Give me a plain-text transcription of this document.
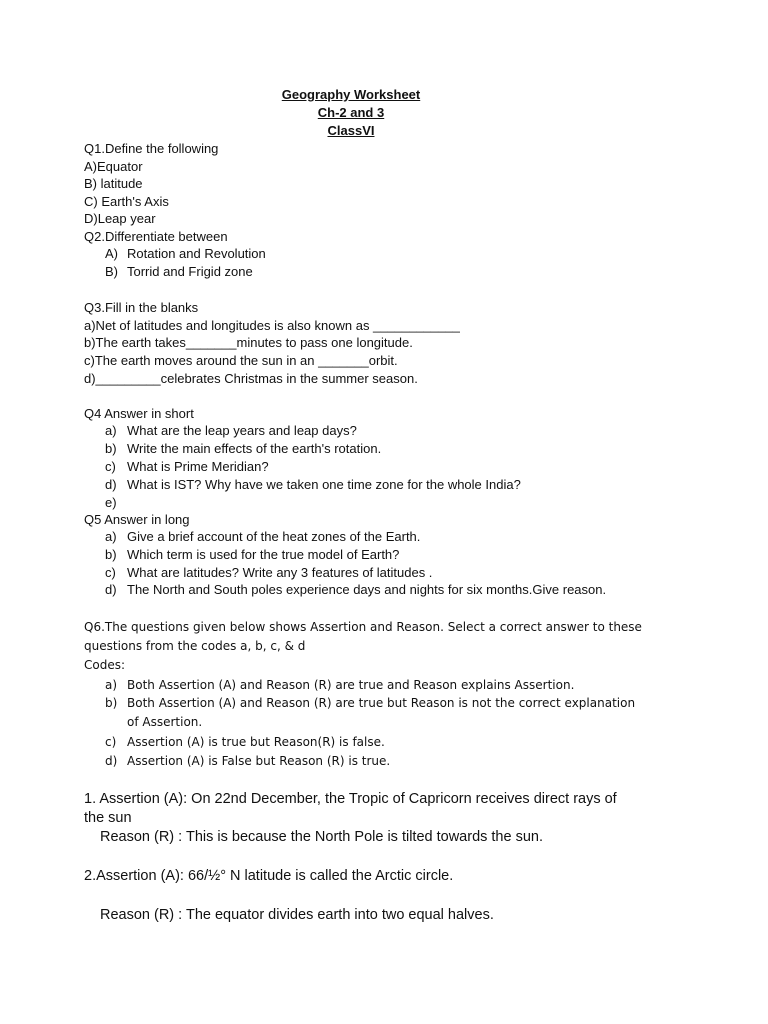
Geography Worksheet
Ch-2 and 3
ClassVI
Q1.Define the following
A)Equator
B) latitude
C) Earth's Axis
D)Leap year
Q2.Differentiate between
A) Rotation and Revolution
B) Torrid and Frigid zone
Q3.Fill in the blanks
a)Net of latitudes and longitudes is also known as ____________
b)The earth takes_______minutes to pass one longitude.
c)The earth moves around the sun in an _______orbit.
d)_________celebrates Christmas in the summer season.
Q4 Answer in short
a) What are the leap years and leap days?
b) Write the main effects of the earth's rotation.
c) What is Prime Meridian?
d) What is IST? Why have we taken one time zone for the whole India?
e)
Q5 Answer in long
a) Give a brief account of the heat zones of the Earth.
b) Which term is used for the true model of Earth?
c) What are latitudes? Write any 3 features of latitudes .
d) The North and South poles experience days and nights for six months.Give reason.
Q6.The questions given below shows Assertion and Reason. Select a correct answer to these
questions from the codes a, b, c, & d
Codes:
a) Both Assertion (A) and Reason (R) are true and Reason explains Assertion.
b) Both Assertion (A) and Reason (R) are true but Reason is not the correct explanation
of Assertion.
c) Assertion (A) is true but Reason(R) is false.
d) Assertion (A) is False but Reason (R) is true.
1. Assertion (A): On 22nd December, the Tropic of Capricorn receives direct rays of
the sun
Reason (R) : This is because the North Pole is tilted towards the sun.
2.Assertion (A): 66/½° N latitude is called the Arctic circle.
Reason (R) : The equator divides earth into two equal halves.
